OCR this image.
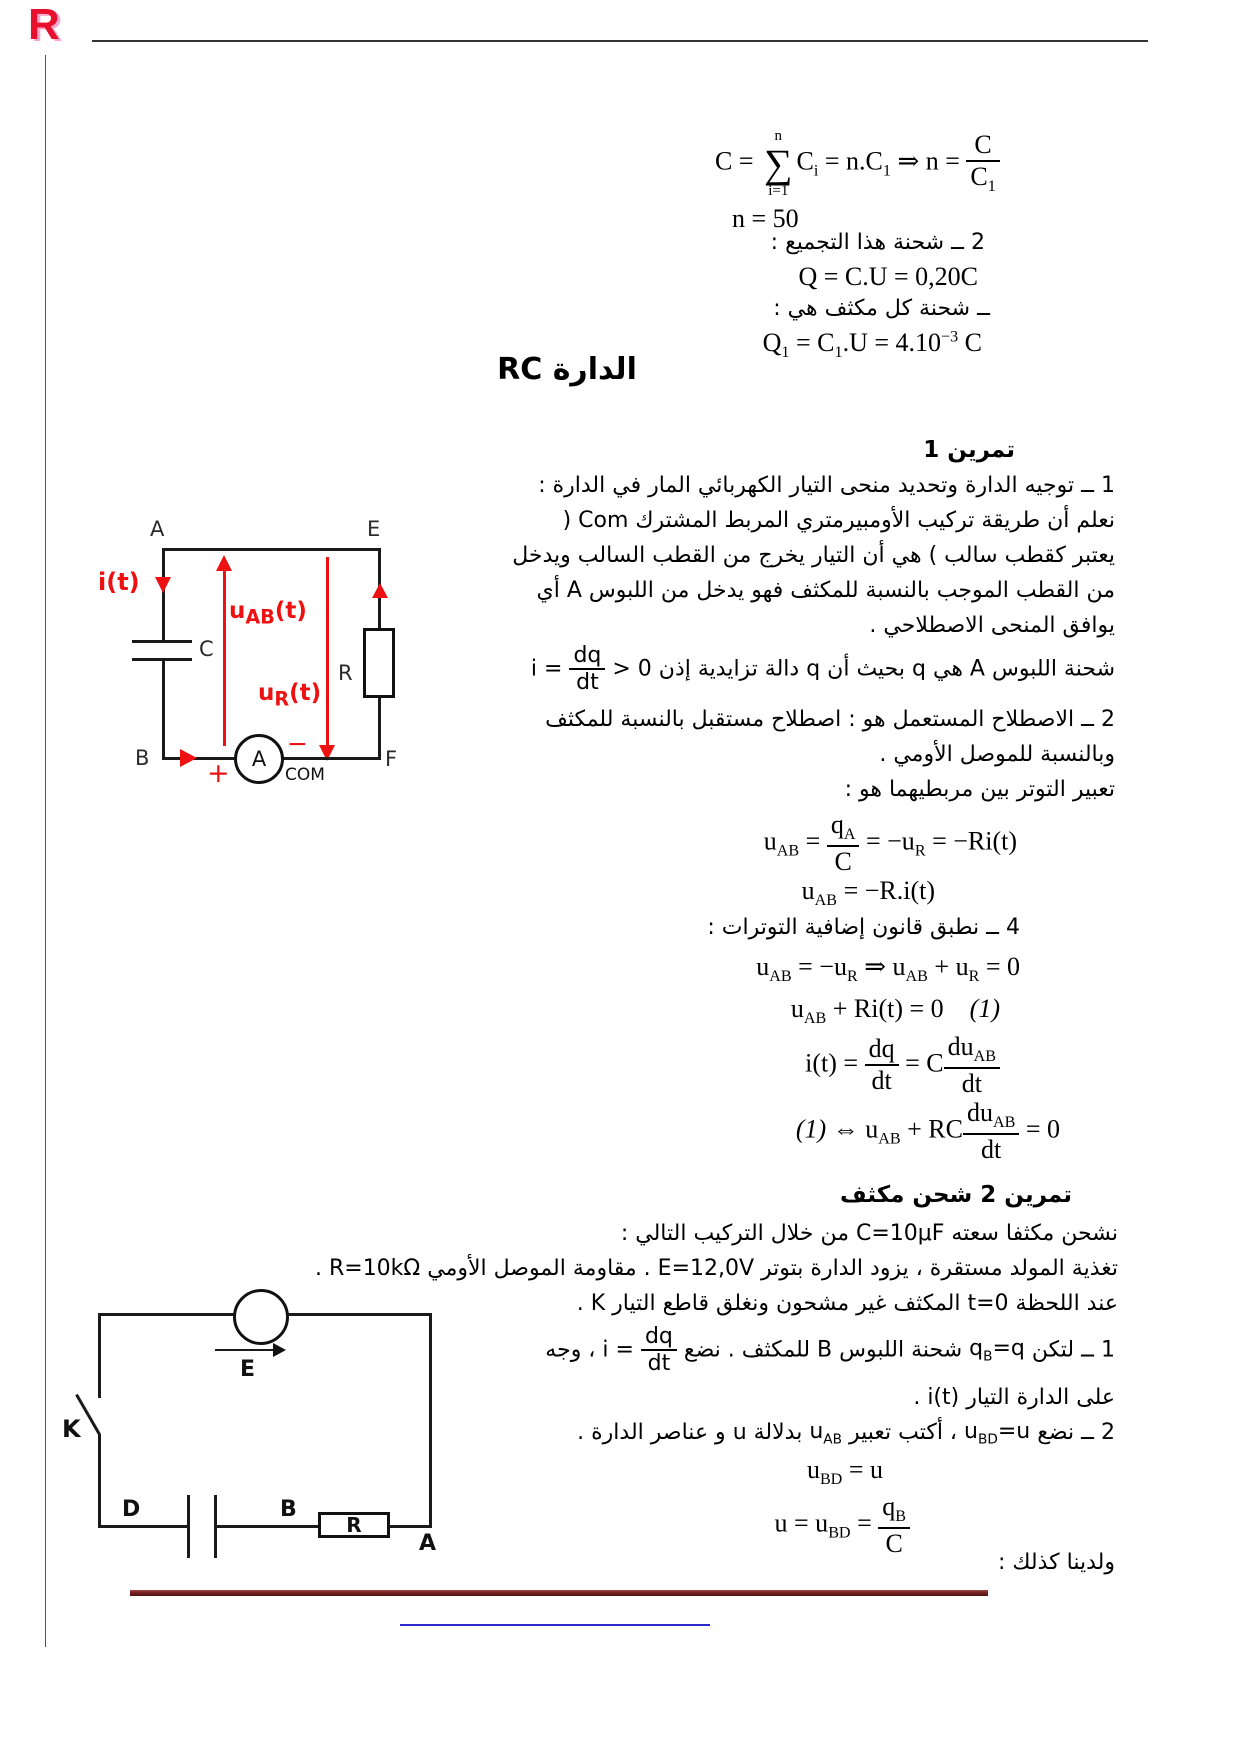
R
C =
n
∑
i=1
$C_i = n.C_1$ ⇒ $n = \frac{C}{C_1}$
n = 50
2 ــ شحنة هذا التجميع :
Q = C.U = 0,20C
ــ شحنة كل مكثف هي :
$Q_1 = C_1.U = 4.10^{-3}$ C
الدارة RC
تمرين 1
1 ــ توجيه الدارة وتحديد منحى التيار الكهربائي المار في الدارة :
نعلم أن طريقة تركيب الأومبيرمتري المربط المشترك Com (
يعتبر كقطب سالب ) هي أن التيار يخرج من القطب السالب ويدخل
من القطب الموجب بالنسبة للمكثف فهو يدخل من اللبوس A أي
يوافق المنحى الاصطلاحي .
شحنة اللبوس A هي q بحيث أن q دالة تزايدية إذن $i = \frac{dq}{dt} > 0$
2 ــ الاصطلاح المستعمل هو : اصطلاح مستقبل بالنسبة للمكثف
وبالنسبة للموصل الأومي .
تعبير التوتر بين مربطيهما هو :
$u_{AB} = \frac{q_A}{C} = -u_R = -Ri(t)$
$u_{AB} = -R.i(t)$
4 ــ نطبق قانون إضافية التوترات :
$u_{AB} = -u_R$ ⇒ $u_{AB} + u_R = 0$
$u_{AB} + Ri(t) = 0$    (1)
$i(t) = \frac{dq}{dt} = C \frac{du_{AB}}{dt}$
(1) ⇔ $u_{AB}$ + RC $\frac{du_{AB}}{dt} = 0$
A	E
C
i(t)
$u_{AB}(t)$
$u_R(t)$
R
B	F
A
+
−
COM
تمرين 2 شحن مكثف
نشحن مكثفا سعته C=10μF من خلال التركيب التالي :
تغذية المولد مستقرة ، يزود الدارة بتوتر E=12,0V . مقاومة الموصل الأومي R=10kΩ .
عند اللحظة t=0 المكثف غير مشحون ونغلق قاطع التيار K .
1 ــ لتكن $q_B=q$ شحنة اللبوس B للمكثف . نضع $i = \frac{dq}{dt}$
، وجه
على الدارة التيار i(t) .
2 ــ نضع $u_{BD}=u$ ، أكتب تعبير $u_{AB}$ بدلالة u و عناصر الدارة .
$u_{BD} = u$
$u = u_{BD} = \frac{q_B}{C}$
ولدينا كذلك :
E
K
D	B
R
A
